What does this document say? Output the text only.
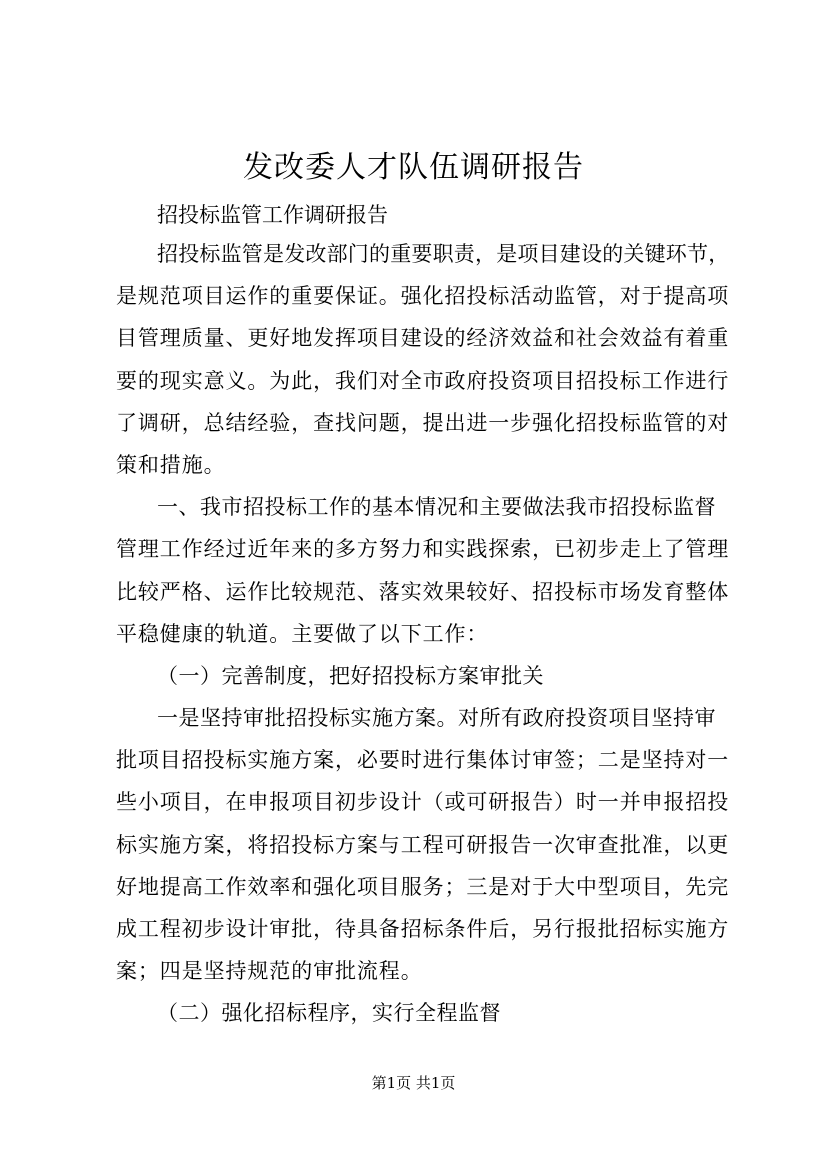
发改委人才队伍调研报告
招投标监管工作调研报告
招投标监管是发改部门的重要职责，是项目建设的关键环节，
是规范项目运作的重要保证。强化招投标活动监管，对于提高项
目管理质量、更好地发挥项目建设的经济效益和社会效益有着重
要的现实意义。为此，我们对全市政府投资项目招投标工作进行
了调研，总结经验，查找问题，提出进一步强化招投标监管的对
策和措施。
一、我市招投标工作的基本情况和主要做法我市招投标监督
管理工作经过近年来的多方努力和实践探索，已初步走上了管理
比较严格、运作比较规范、落实效果较好、招投标市场发育整体
平稳健康的轨道。主要做了以下工作：
（一）完善制度，把好招投标方案审批关
一是坚持审批招投标实施方案。对所有政府投资项目坚持审
批项目招投标实施方案，必要时进行集体讨审签；二是坚持对一
些小项目，在申报项目初步设计（或可研报告）时一并申报招投
标实施方案，将招投标方案与工程可研报告一次审查批准，以更
好地提高工作效率和强化项目服务；三是对于大中型项目，先完
成工程初步设计审批，待具备招标条件后，另行报批招标实施方
案；四是坚持规范的审批流程。
（二）强化招标程序，实行全程监督
第1页 共1页
